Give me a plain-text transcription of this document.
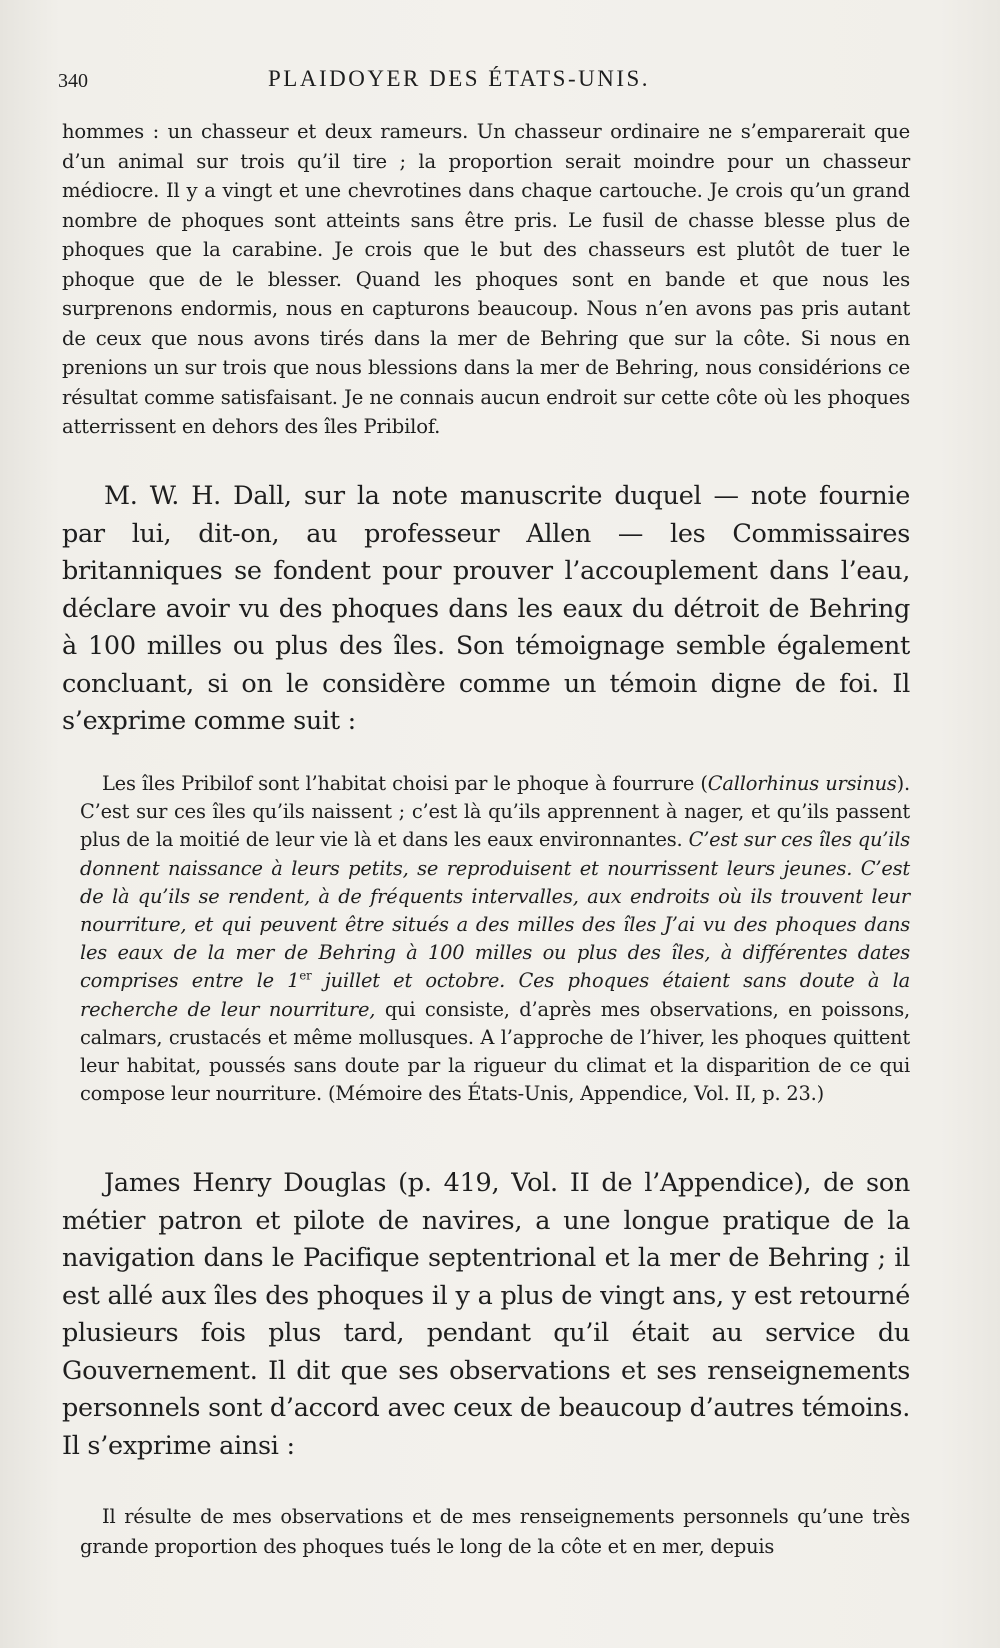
340	PLAIDOYER DES ÉTATS-UNIS.

hommes : un chasseur et deux rameurs. Un chasseur ordinaire ne s’emparerait que d’un animal sur trois qu’il tire ; la proportion serait moindre pour un chasseur médiocre. Il y a vingt et une chevrotines dans chaque cartouche. Je crois qu’un grand nombre de phoques sont atteints sans être pris. Le fusil de chasse blesse plus de phoques que la carabine. Je crois que le but des chasseurs est plutôt de tuer le phoque que de le blesser. Quand les phoques sont en bande et que nous les surprenons endormis, nous en capturons beaucoup. Nous n’en avons pas pris autant de ceux que nous avons tirés dans la mer de Behring que sur la côte. Si nous en prenions un sur trois que nous blessions dans la mer de Behring, nous considérions ce résultat comme satisfaisant. Je ne connais aucun endroit sur cette côte où les phoques atterrissent en dehors des îles Pribilof.

M. W. H. Dall, sur la note manuscrite duquel — note fournie par lui, dit-on, au professeur Allen — les Commissaires britanniques se fondent pour prouver l’accouplement dans l’eau, déclare avoir vu des phoques dans les eaux du détroit de Behring à 100 milles ou plus des îles. Son témoignage semble également concluant, si on le considère comme un témoin digne de foi. Il s’exprime comme suit :

Les îles Pribilof sont l’habitat choisi par le phoque à fourrure (Callorhinus ursinus). C’est sur ces îles qu’ils naissent ; c’est là qu’ils apprennent à nager, et qu’ils passent plus de la moitié de leur vie là et dans les eaux environnantes. C’est sur ces îles qu’ils donnent naissance à leurs petits, se reproduisent et nourrissent leurs jeunes. C’est de là qu’ils se rendent, à de fréquents intervalles, aux endroits où ils trouvent leur nourriture, et qui peuvent être situés a des milles des îles J’ai vu des phoques dans les eaux de la mer de Behring à 100 milles ou plus des îles, à différentes dates comprises entre le 1er juillet et octobre. Ces phoques étaient sans doute à la recherche de leur nourriture, qui consiste, d’après mes observations, en poissons, calmars, crustacés et même mollusques. A l’approche de l’hiver, les phoques quittent leur habitat, poussés sans doute par la rigueur du climat et la disparition de ce qui compose leur nourriture. (Mémoire des États-Unis, Appendice, Vol. II, p. 23.)

James Henry Douglas (p. 419, Vol. II de l’Appendice), de son métier patron et pilote de navires, a une longue pratique de la navigation dans le Pacifique septentrional et la mer de Behring ; il est allé aux îles des phoques il y a plus de vingt ans, y est retourné plusieurs fois plus tard, pendant qu’il était au service du Gouvernement. Il dit que ses observations et ses renseignements personnels sont d’accord avec ceux de beaucoup d’autres témoins. Il s’exprime ainsi :

Il résulte de mes observations et de mes renseignements personnels qu’une très grande proportion des phoques tués le long de la côte et en mer, depuis
